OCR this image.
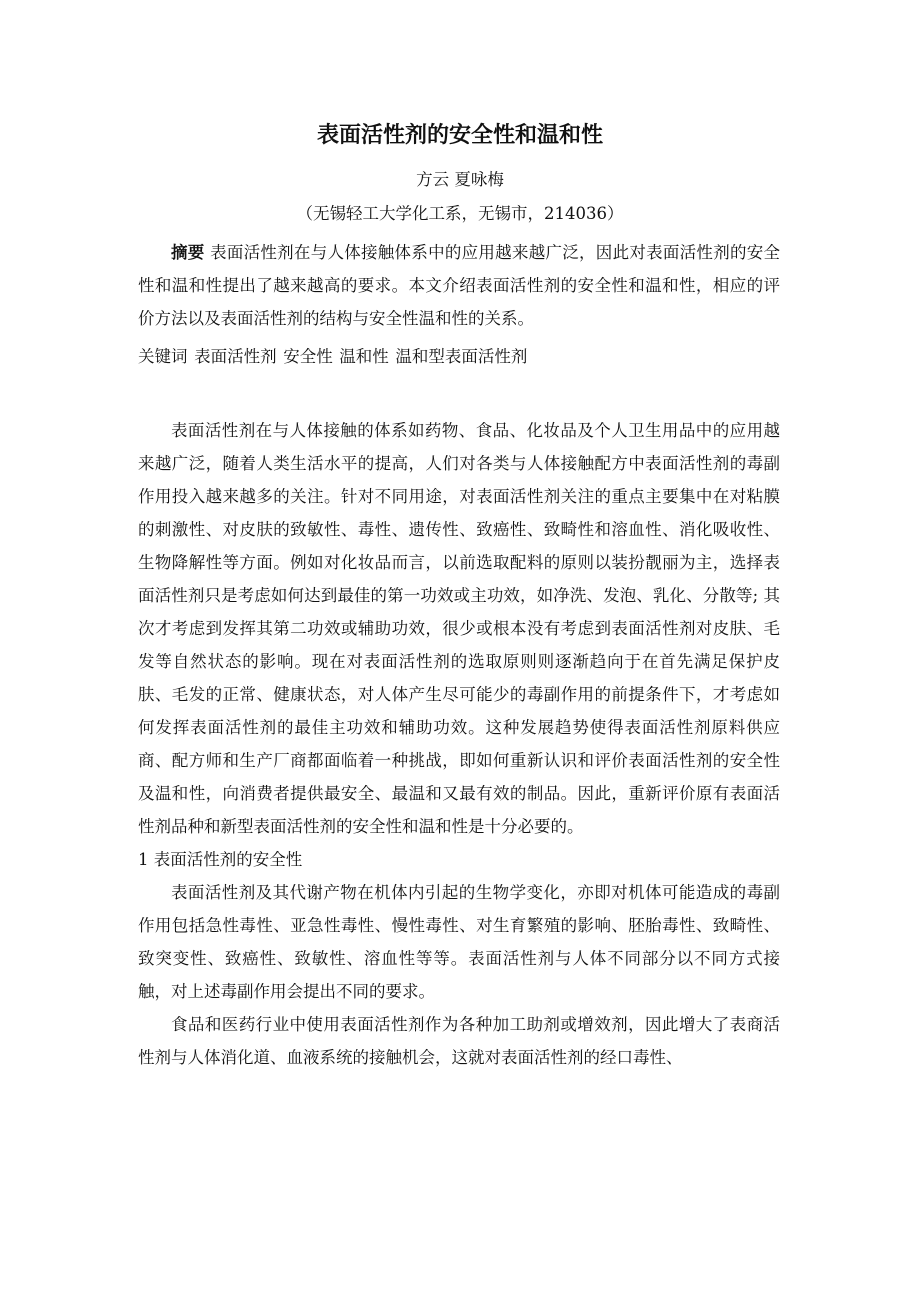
表面活性剂的安全性和温和性
方云 夏咏梅
（无锡轻工大学化工系，无锡市，214036）

摘要 表面活性剂在与人体接触体系中的应用越来越广泛，因此对表面活性剂的安全性和温和性提出了越来越高的要求。本文介绍表面活性剂的安全性和温和性，相应的评价方法以及表面活性剂的结构与安全性温和性的关系。

关键词 表面活性剂 安全性 温和性 温和型表面活性剂

表面活性剂在与人体接触的体系如药物、食品、化妆品及个人卫生用品中的应用越来越广泛，随着人类生活水平的提高，人们对各类与人体接触配方中表面活性剂的毒副作用投入越来越多的关注。针对不同用途，对表面活性剂关注的重点主要集中在对粘膜的刺激性、对皮肤的致敏性、毒性、遗传性、致癌性、致畸性和溶血性、消化吸收性、生物降解性等方面。例如对化妆品而言，以前选取配料的原则以装扮靓丽为主，选择表面活性剂只是考虑如何达到最佳的第一功效或主功效，如净洗、发泡、乳化、分散等; 其次才考虑到发挥其第二功效或辅助功效，很少或根本没有考虑到表面活性剂对皮肤、毛发等自然状态的影响。现在对表面活性剂的选取原则则逐渐趋向于在首先满足保护皮肤、毛发的正常、健康状态，对人体产生尽可能少的毒副作用的前提条件下，才考虑如何发挥表面活性剂的最佳主功效和辅助功效。这种发展趋势使得表面活性剂原料供应商、配方师和生产厂商都面临着一种挑战，即如何重新认识和评价表面活性剂的安全性及温和性，向消费者提供最安全、最温和又最有效的制品。因此，重新评价原有表面活性剂品种和新型表面活性剂的安全性和温和性是十分必要的。

1 表面活性剂的安全性

表面活性剂及其代谢产物在机体内引起的生物学变化，亦即对机体可能造成的毒副作用包括急性毒性、亚急性毒性、慢性毒性、对生育繁殖的影响、胚胎毒性、致畸性、致突变性、致癌性、致敏性、溶血性等等。表面活性剂与人体不同部分以不同方式接触，对上述毒副作用会提出不同的要求。

食品和医药行业中使用表面活性剂作为各种加工助剂或增效剂，因此增大了表商活性剂与人体消化道、血液系统的接触机会，这就对表面活性剂的经口毒性、
